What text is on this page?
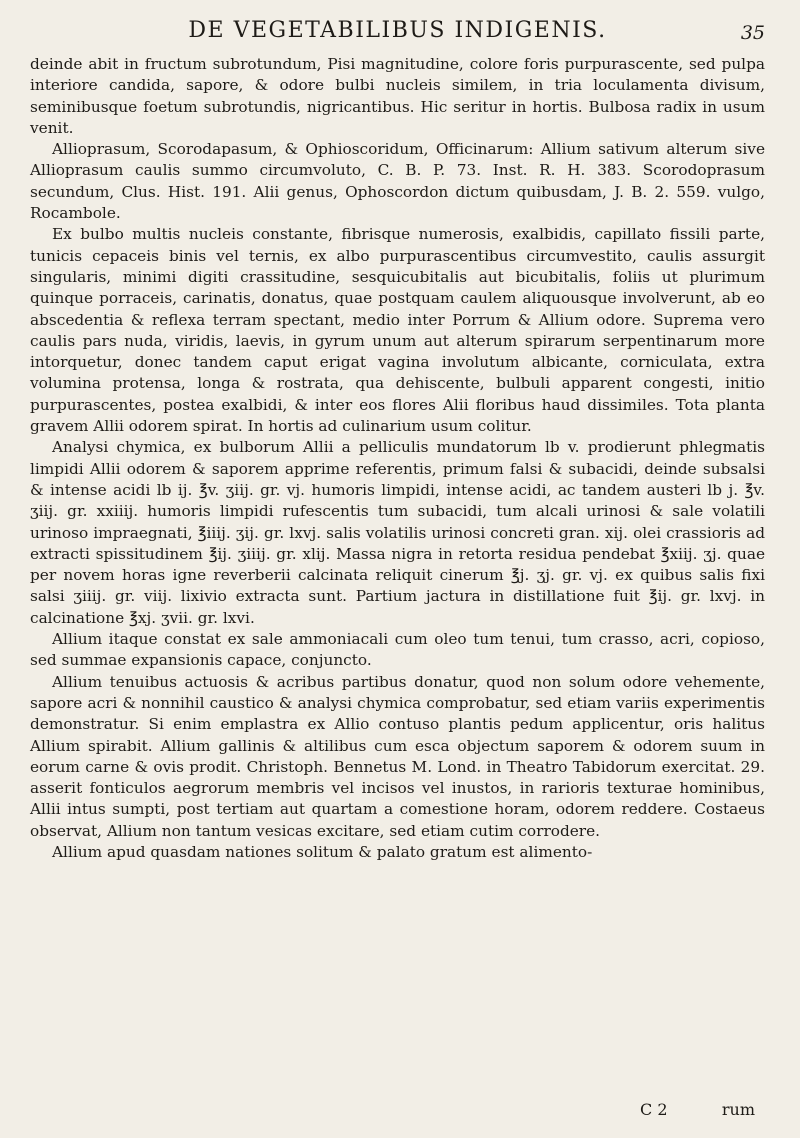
DE VEGETABILIBUS INDIGENIS.	35

deinde abit in fructum subrotundum, Pisi magnitudine, colore foris purpurascente, sed pulpa interiore candida, sapore, & odore bulbi nucleis similem, in tria loculamenta divisum, seminibusque foetum subrotundis, nigricantibus. Hic seritur in hortis. Bulbosa radix in usum venit.

Allioprasum, Scorodapasum, & Ophioscoridum, Officinarum: Allium sativum alterum sive Allioprasum caulis summo circumvoluto, C. B. P. 73. Inst. R. H. 383. Scorodoprasum secundum, Clus. Hist. 191. Alii genus, Ophoscordon dictum quibusdam, J. B. 2. 559. vulgo, Rocambole.

Ex bulbo multis nucleis constante, fibrisque numerosis, exalbidis, capillato fissili parte, tunicis cepaceis binis vel ternis, ex albo purpurascentibus circumvestito, caulis assurgit singularis, minimi digiti crassitudine, sesquicubitalis aut bicubitalis, foliis ut plurimum quinque porraceis, carinatis, donatus, quae postquam caulem aliquousque involverunt, ab eo abscedentia & reflexa terram spectant, medio inter Porrum & Allium odore. Suprema vero caulis pars nuda, viridis, laevis, in gyrum unum aut alterum spirarum serpentinarum more intorquetur, donec tandem caput erigat vagina involutum albicante, corniculata, extra volumina protensa, longa & rostrata, qua dehiscente, bulbuli apparent congesti, initio purpurascentes, postea exalbidi, & inter eos flores Alii floribus haud dissimiles. Tota planta gravem Allii odorem spirat. In hortis ad culinarium usum colitur.

Analysi chymica, ex bulborum Allii a pelliculis mundatorum lb v. prodierunt phlegmatis limpidi Allii odorem & saporem apprime referentis, primum falsi & subacidi, deinde subsalsi & intense acidi lb ij. ℥v. ʒiij. gr. vj. humoris limpidi, intense acidi, ac tandem austeri lb j. ℥v. ʒiij. gr. xxiiij. humoris limpidi rufescentis tum subacidi, tum alcali urinosi & sale volatili urinoso impraegnati, ℥iiij. ʒij. gr. lxvj. salis volatilis urinosi concreti gran. xij. olei crassioris ad extracti spissitudinem ℥ij. ʒiiij. gr. xlij. Massa nigra in retorta residua pendebat ℥xiij. ʒj. quae per novem horas igne reverberii calcinata reliquit cinerum ℥j. ʒj. gr. vj. ex quibus salis fixi salsi ʒiiij. gr. viij. lixivio extracta sunt. Partium jactura in distillatione fuit ℥ij. gr. lxvj. in calcinatione ℥xj. ʒvii. gr. lxvi.

Allium itaque constat ex sale ammoniacali cum oleo tum tenui, tum crasso, acri, copioso, sed summae expansionis capace, conjuncto.

Allium tenuibus actuosis & acribus partibus donatur, quod non solum odore vehemente, sapore acri & nonnihil caustico & analysi chymica comprobatur, sed etiam variis experimentis demonstratur. Si enim emplastra ex Allio contuso plantis pedum applicentur, oris halitus Allium spirabit. Allium gallinis & altilibus cum esca objectum saporem & odorem suum in eorum carne & ovis prodit. Christoph. Bennetus M. Lond. in Theatro Tabidorum exercitat. 29. asserit fonticulos aegrorum membris vel incisos vel inustos, in rarioris texturae hominibus, Allii intus sumpti, post tertiam aut quartam a comestione horam, odorem reddere. Costaeus observat, Allium non tantum vesicas excitare, sed etiam cutim corrodere.

Allium apud quasdam nationes solitum & palato gratum est alimento-

C 2	rum
